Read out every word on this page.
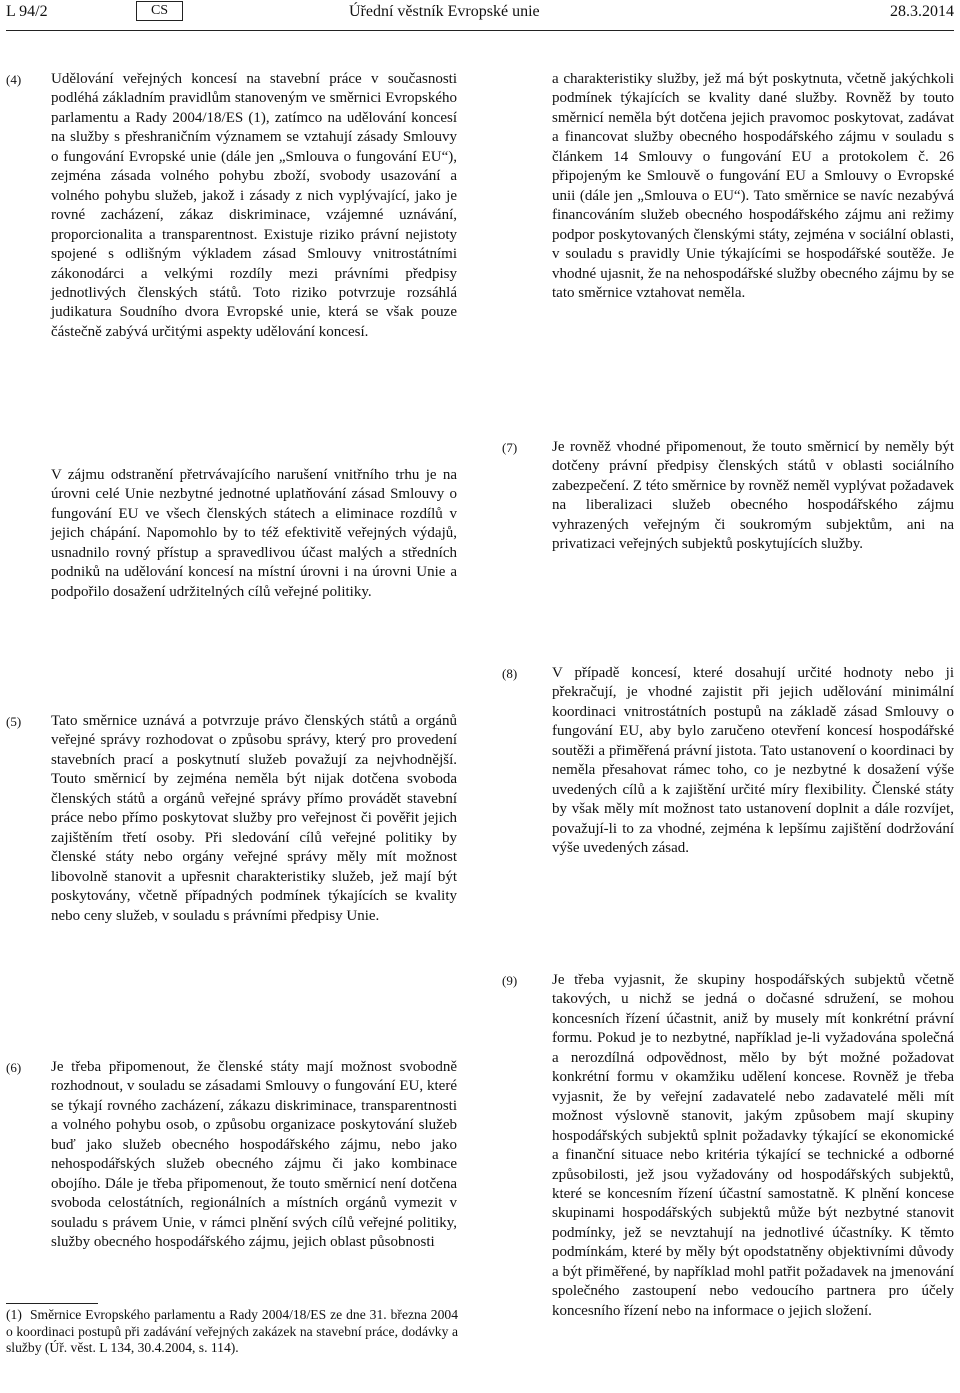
L 94/2	CS	Úřední věstník Evropské unie	28.3.2014
(4) Udělování veřejných koncesí na stavební práce v současnosti podléhá základním pravidlům stanoveným ve směrnici Evropského parlamentu a Rady 2004/18/ES (1), zatímco na udělování koncesí na služby s přeshraničním významem se vztahují zásady Smlouvy o fungování Evropské unie (dále jen „Smlouva o fungování EU“), zejména zásada volného pohybu zboží, svobody usazování a volného pohybu služeb, jakož i zásady z nich vyplývající, jako je rovné zacházení, zákaz diskriminace, vzájemné uznávání, proporcionalita a transparentnost. Existuje riziko právní nejistoty spojené s odlišným výkladem zásad Smlouvy vnitrostátními zákonodárci a velkými rozdíly mezi právními předpisy jednotlivých členských států. Toto riziko potvrzuje rozsáhlá judikatura Soudního dvora Evropské unie, která se však pouze částečně zabývá určitými aspekty udělování koncesí.
V zájmu odstranění přetrvávajícího narušení vnitřního trhu je na úrovni celé Unie nezbytné jednotné uplatňování zásad Smlouvy o fungování EU ve všech členských státech a eliminace rozdílů v jejich chápání. Napomohlo by to též efektivitě veřejných výdajů, usnadnilo rovný přístup a spravedlivou účast malých a středních podniků na udělování koncesí na místní úrovni i na úrovni Unie a podpořilo dosažení udržitelných cílů veřejné politiky.
(5) Tato směrnice uznává a potvrzuje právo členských států a orgánů veřejné správy rozhodovat o způsobu správy, který pro provedení stavebních prací a poskytnutí služeb považují za nejvhodnější. Touto směrnicí by zejména neměla být nijak dotčena svoboda členských států a orgánů veřejné správy přímo provádět stavební práce nebo přímo poskytovat služby pro veřejnost či pověřit jejich zajištěním třetí osoby. Při sledování cílů veřejné politiky by členské státy nebo orgány veřejné správy měly mít možnost libovolně stanovit a upřesnit charakteristiky služeb, jež mají být poskytovány, včetně případných podmínek týkajících se kvality nebo ceny služeb, v souladu s právními předpisy Unie.
(6) Je třeba připomenout, že členské státy mají možnost svobodně rozhodnout, v souladu se zásadami Smlouvy o fungování EU, které se týkají rovného zacházení, zákazu diskriminace, transparentnosti a volného pohybu osob, o způsobu organizace poskytování služeb buď jako služeb obecného hospodářského zájmu, nebo jako nehospodářských služeb obecného zájmu či jako kombinace obojího. Dále je třeba připomenout, že touto směrnicí není dotčena svoboda celostátních, regionálních a místních orgánů vymezit v souladu s právem Unie, v rámci plnění svých cílů veřejné politiky, služby obecného hospodářského zájmu, jejich oblast působnosti
(1) Směrnice Evropského parlamentu a Rady 2004/18/ES ze dne 31. března 2004 o koordinaci postupů při zadávání veřejných zakázek na stavební práce, dodávky a služby (Úř. věst. L 134, 30.4.2004, s. 114).
a charakteristiky služby, jež má být poskytnuta, včetně jakýchkoli podmínek týkajících se kvality dané služby. Rovněž by touto směrnicí neměla být dotčena jejich pravomoc poskytovat, zadávat a financovat služby obecného hospodářského zájmu v souladu s článkem 14 Smlouvy o fungování EU a protokolem č. 26 připojeným ke Smlouvě o fungování EU a Smlouvy o Evropské unii (dále jen „Smlouva o EU“). Tato směrnice se navíc nezabývá financováním služeb obecného hospodářského zájmu ani režimy podpor poskytovaných členskými státy, zejména v sociální oblasti, v souladu s pravidly Unie týkajícími se hospodářské soutěže. Je vhodné ujasnit, že na nehospodářské služby obecného zájmu by se tato směrnice vztahovat neměla.
(7) Je rovněž vhodné připomenout, že touto směrnicí by neměly být dotčeny právní předpisy členských států v oblasti sociálního zabezpečení. Z této směrnice by rovněž neměl vyplývat požadavek na liberalizaci služeb obecného hospodářského zájmu vyhrazených veřejným či soukromým subjektům, ani na privatizaci veřejných subjektů poskytujících služby.
(8) V případě koncesí, které dosahují určité hodnoty nebo ji překračují, je vhodné zajistit při jejich udělování minimální koordinaci vnitrostátních postupů na základě zásad Smlouvy o fungování EU, aby bylo zaručeno otevření koncesí hospodářské soutěži a přiměřená právní jistota. Tato ustanovení o koordinaci by neměla přesahovat rámec toho, co je nezbytné k dosažení výše uvedených cílů a k zajištění určité míry flexibility. Členské státy by však měly mít možnost tato ustanovení doplnit a dále rozvíjet, považují-li to za vhodné, zejména k lepšímu zajištění dodržování výše uvedených zásad.
(9) Je třeba vyjasnit, že skupiny hospodářských subjektů včetně takových, u nichž se jedná o dočasné sdružení, se mohou koncesních řízení účastnit, aniž by musely mít konkrétní právní formu. Pokud je to nezbytné, například je-li vyžadována společná a nerozdílná odpovědnost, mělo by být možné požadovat konkrétní formu v okamžiku udělení koncese. Rovněž je třeba vyjasnit, že by veřejní zadavatelé nebo zadavatelé měli mít možnost výslovně stanovit, jakým způsobem mají skupiny hospodářských subjektů splnit požadavky týkající se ekonomické a finanční situace nebo kritéria týkající se technické a odborné způsobilosti, jež jsou vyžadovány od hospodářských subjektů, které se koncesním řízení účastní samostatně. K plnění koncese skupinami hospodářských subjektů může být nezbytné stanovit podmínky, jež se nevztahují na jednotlivé účastníky. K těmto podmínkám, které by měly být opodstatněny objektivními důvody a být přiměřené, by například mohl patřit požadavek na jmenování společného zastoupení nebo vedoucího partnera pro účely koncesního řízení nebo na informace o jejich složení.
